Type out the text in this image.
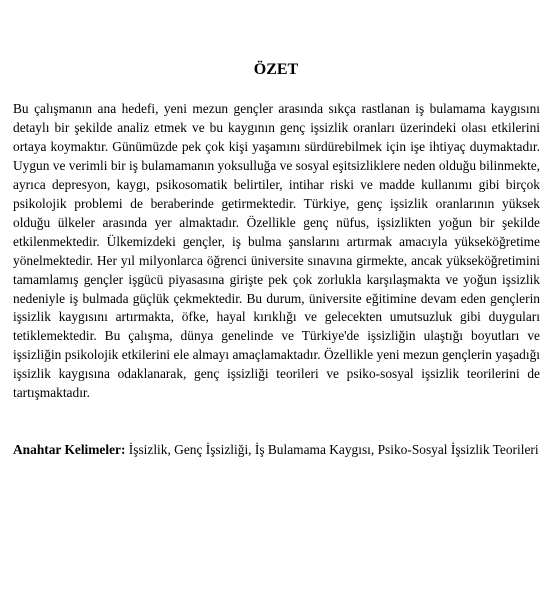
ÖZET

Bu çalışmanın ana hedefi, yeni mezun gençler arasında sıkça rastlanan iş bulamama kaygısını detaylı bir şekilde analiz etmek ve bu kaygının genç işsizlik oranları üzerindeki olası etkilerini ortaya koymaktır. Günümüzde pek çok kişi yaşamını sürdürebilmek için işe ihtiyaç duymaktadır. Uygun ve verimli bir iş bulamamanın yoksulluğa ve sosyal eşitsizliklere neden olduğu bilinmekte, ayrıca depresyon, kaygı, psikosomatik belirtiler, intihar riski ve madde kullanımı gibi birçok psikolojik problemi de beraberinde getirmektedir. Türkiye, genç işsizlik oranlarının yüksek olduğu ülkeler arasında yer almaktadır. Özellikle genç nüfus, işsizlikten yoğun bir şekilde etkilenmektedir. Ülkemizdeki gençler, iş bulma şanslarını artırmak amacıyla yükseköğretime yönelmektedir. Her yıl milyonlarca öğrenci üniversite sınavına girmekte, ancak yükseköğretimini tamamlamış gençler işgücü piyasasına girişte pek çok zorlukla karşılaşmakta ve yoğun işsizlik nedeniyle iş bulmada güçlük çekmektedir. Bu durum, üniversite eğitimine devam eden gençlerin işsizlik kaygısını artırmakta, öfke, hayal kırıklığı ve gelecekten umutsuzluk gibi duyguları tetiklemektedir. Bu çalışma, dünya genelinde ve Türkiye'de işsizliğin ulaştığı boyutları ve işsizliğin psikolojik etkilerini ele almayı amaçlamaktadır. Özellikle yeni mezun gençlerin yaşadığı işsizlik kaygısına odaklanarak, genç işsizliği teorileri ve psiko-sosyal işsizlik teorilerini de tartışmaktadır.

Anahtar Kelimeler: İşsizlik, Genç İşsizliği, İş Bulamama Kaygısı, Psiko-Sosyal İşsizlik Teorileri
